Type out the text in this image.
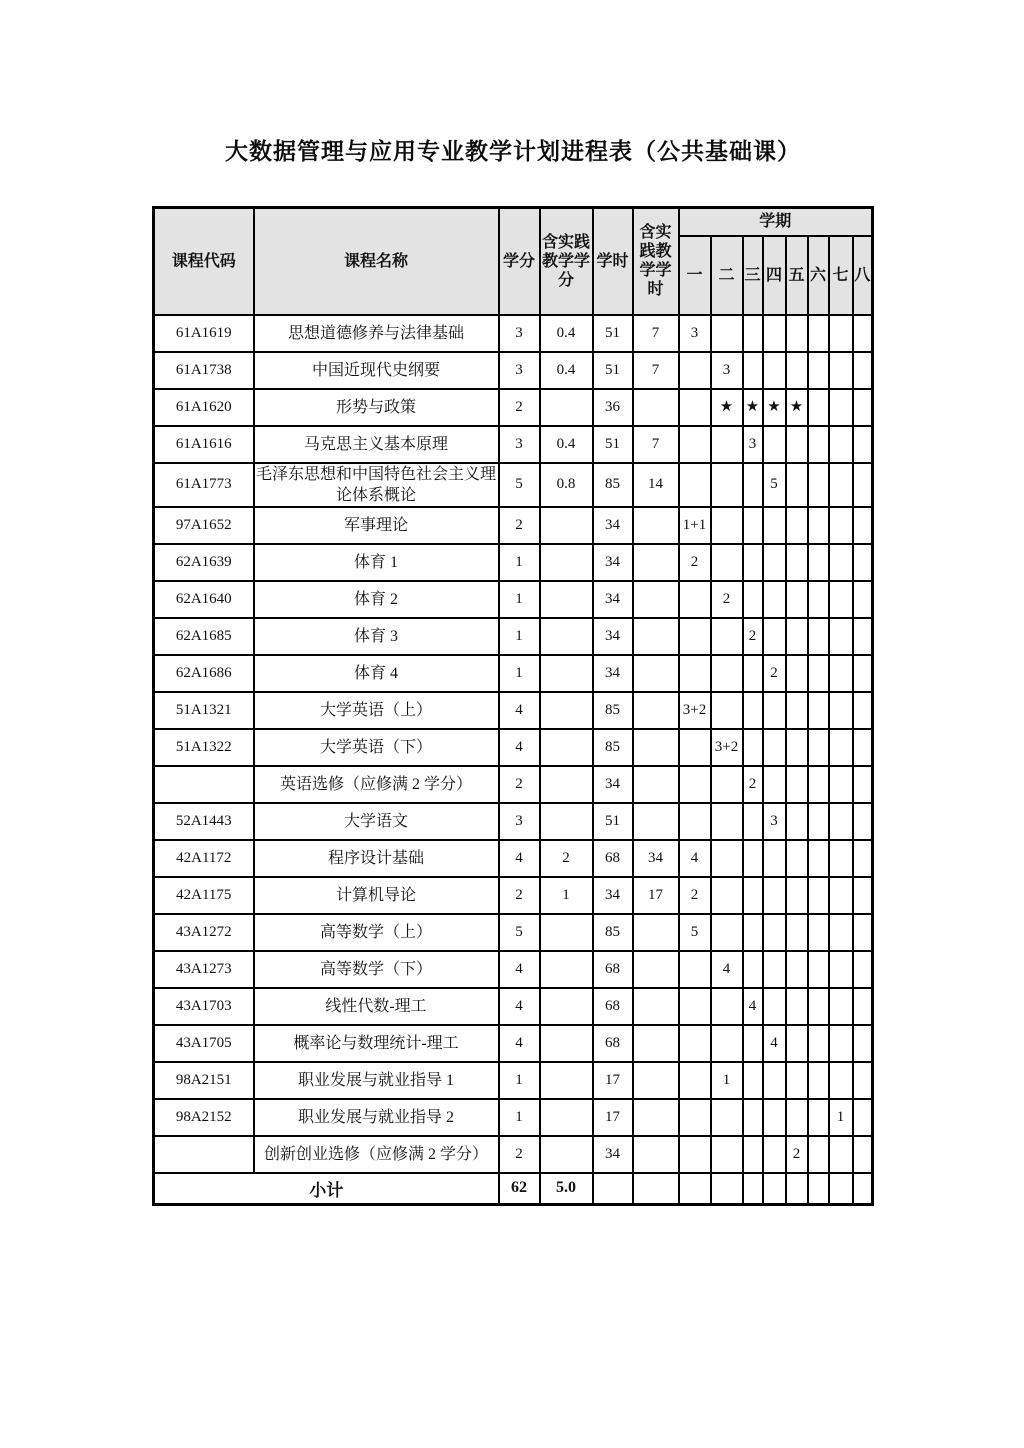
大数据管理与应用专业教学计划进程表（公共基础课）
课程代码	课程名称	学分	含实践教学学分	学时	含实践教学学时	学期							
						一	二	三	四	五	六	七	八
61A1619	思想道德修养与法律基础	3	0.4	51	7	3							
61A1738	中国近现代史纲要	3	0.4	51	7		3						
61A1620	形势与政策	2		36			★	★	★	★			
61A1616	马克思主义基本原理	3	0.4	51	7			3					
61A1773	毛泽东思想和中国特色社会主义理论体系概论	5	0.8	85	14				5				
97A1652	军事理论	2		34		1+1							
62A1639	体育 1	1		34		2							
62A1640	体育 2	1		34			2						
62A1685	体育 3	1		34				2					
62A1686	体育 4	1		34					2				
51A1321	大学英语（上）	4		85		3+2							
51A1322	大学英语（下）	4		85			3+2						
	英语选修（应修满 2 学分）	2		34				2					
52A1443	大学语文	3		51					3				
42A1172	程序设计基础	4	2	68	34	4							
42A1175	计算机导论	2	1	34	17	2							
43A1272	高等数学（上）	5		85		5							
43A1273	高等数学（下）	4		68			4						
43A1703	线性代数-理工	4		68				4					
43A1705	概率论与数理统计-理工	4		68					4				
98A2151	职业发展与就业指导 1	1		17			1						
98A2152	职业发展与就业指导 2	1		17								1	
	创新创业选修（应修满 2 学分）	2		34						2			
小计		62	5.0										
